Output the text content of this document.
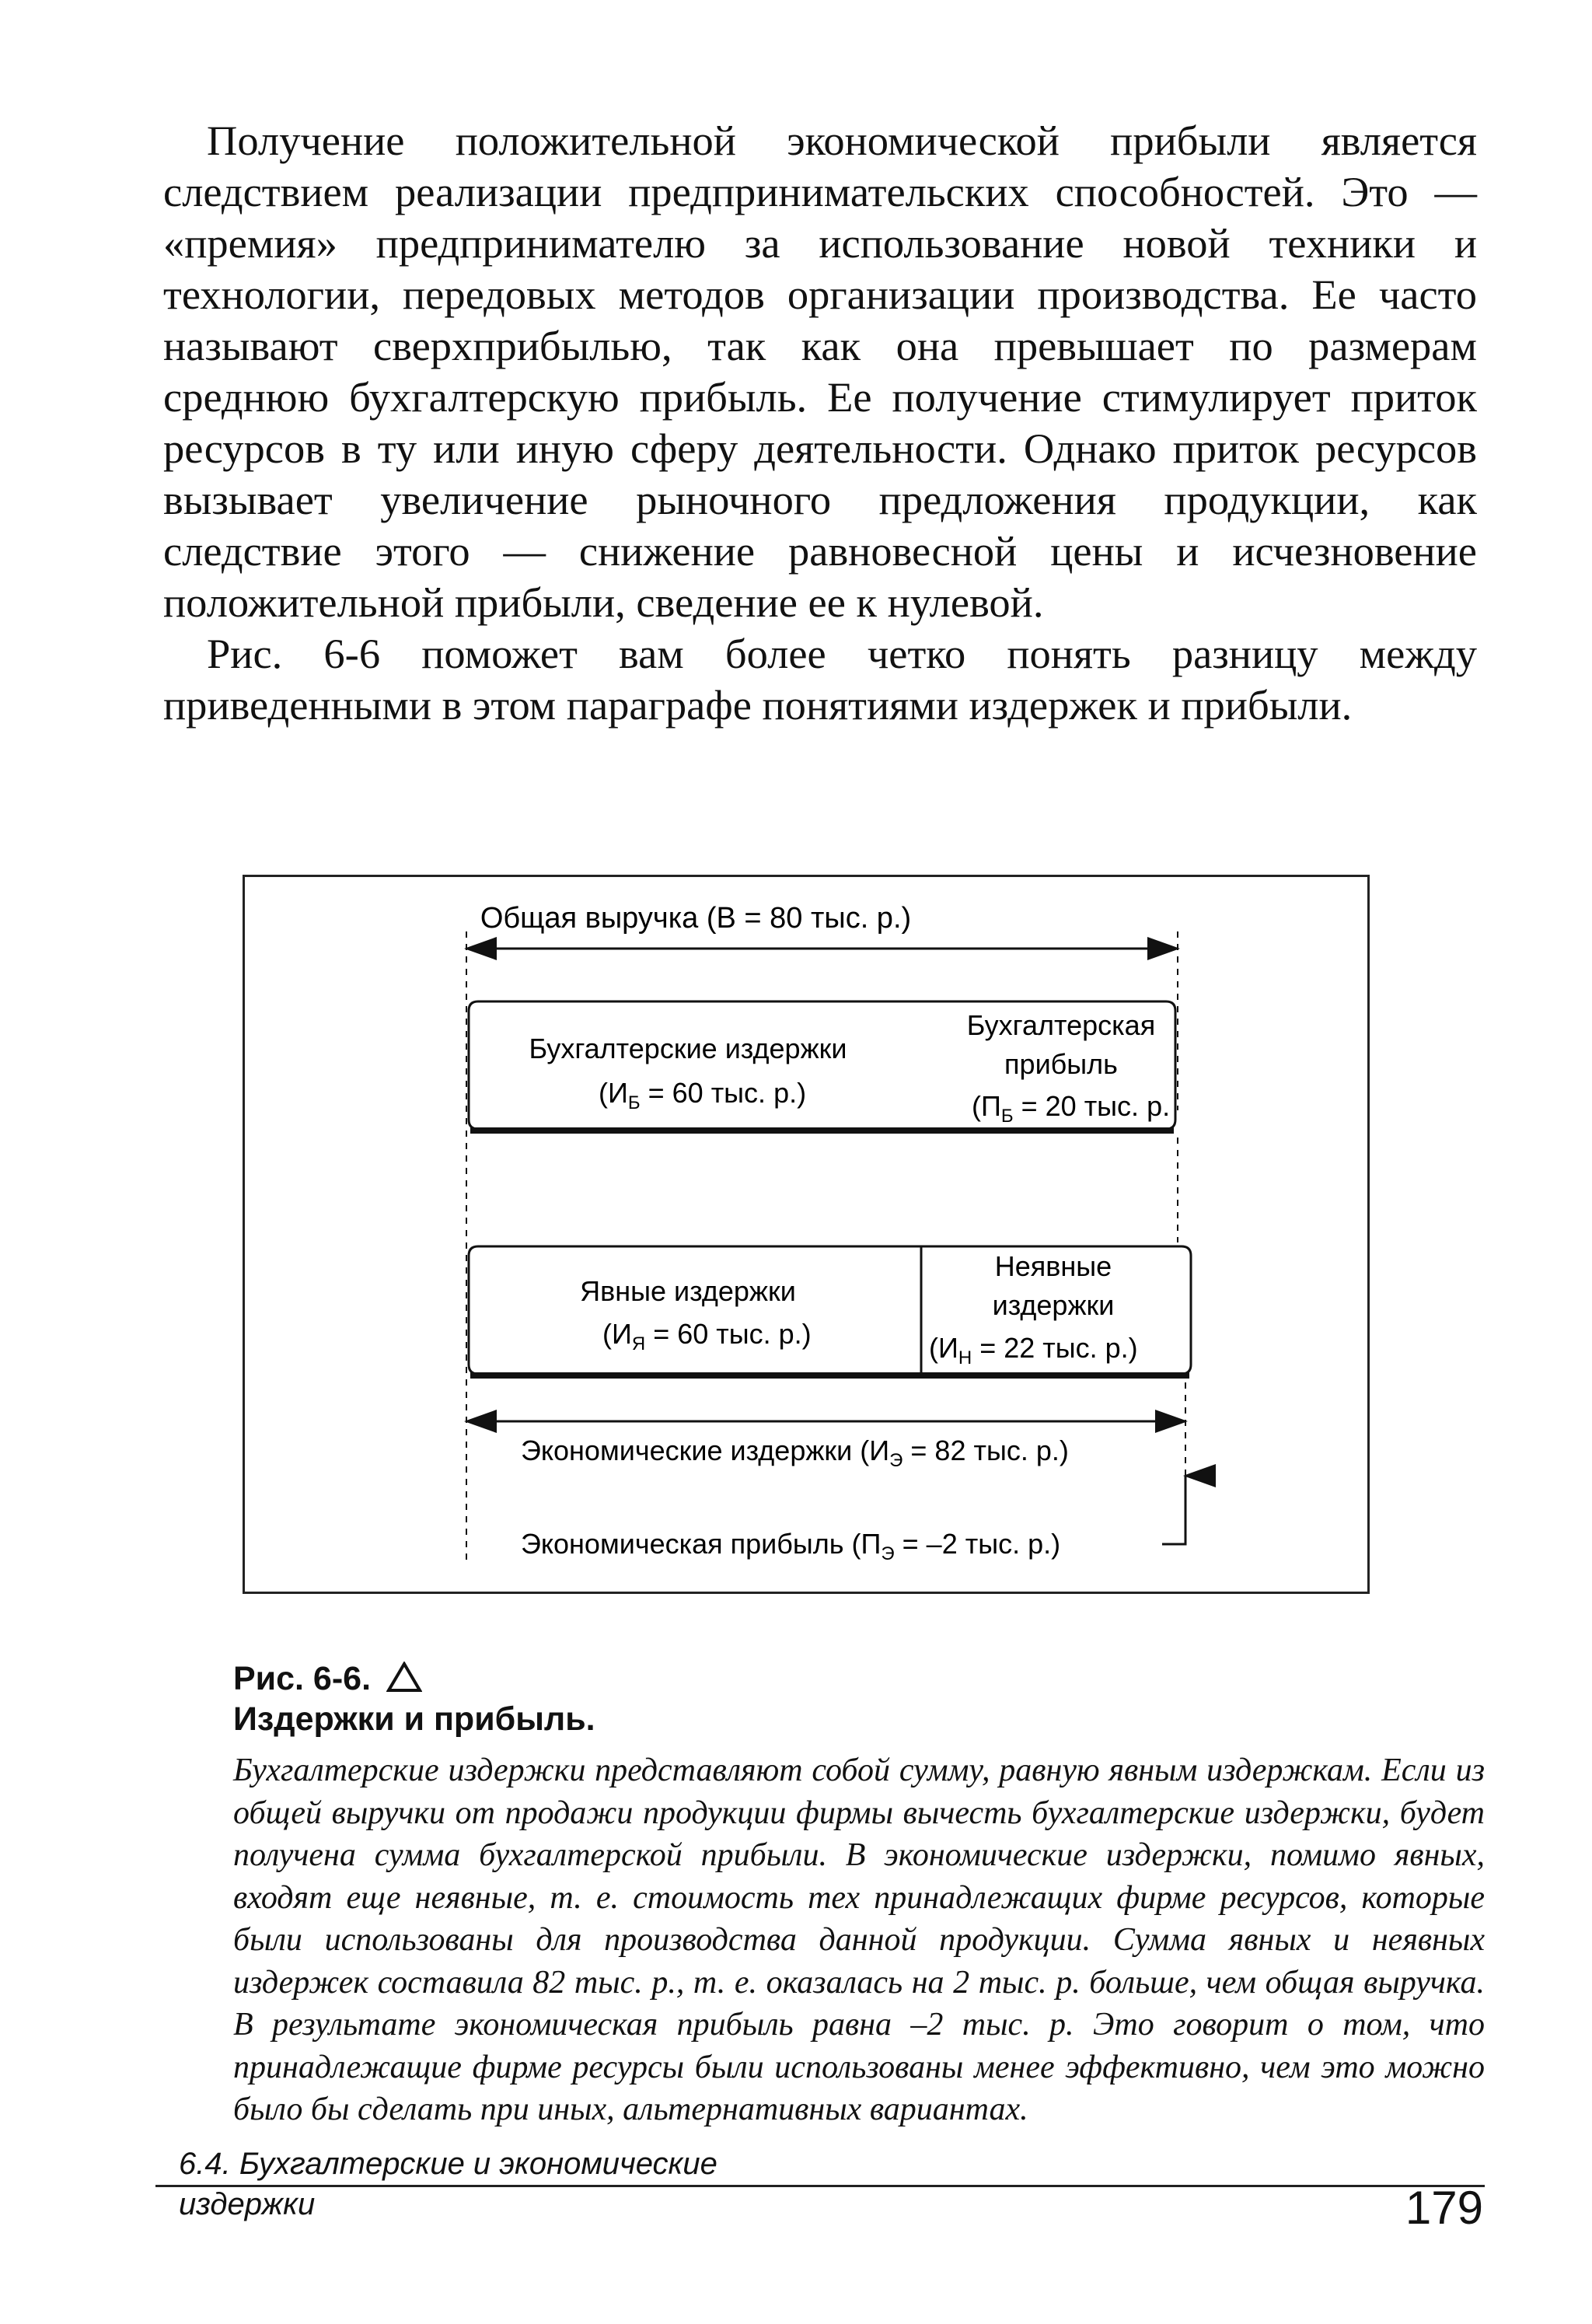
Получение положительной экономической прибыли является следствием реализации предпринимательских способностей. Это — «премия» предпринимателю за использование новой техники и технологии, передовых методов организации производства. Ее часто называют сверхприбылью, так как она превышает по размерам среднюю бухгалтерскую прибыль. Ее получение стимулирует приток ресурсов в ту или иную сферу деятельности. Однако приток ресурсов вызывает увеличение рыночного предложения продукции, как следствие этого — снижение равновесной цены и исчезновение положительной прибыли, сведение ее к нулевой.

Рис. 6-6 поможет вам более четко понять разницу между приведенными в этом параграфе понятиями издержек и прибыли.

Общая выручка (В = 80 тыс. р.)
Бухгалтерские издержки
($И_Б = 60$ тыс. р.)
Бухгалтерская
прибыль
($П_Б = 20$ тыс. р.
Явные издержки
($И_Я = 60$ тыс. р.)
Неявные
издержки
($И_Н = 22$ тыс. р.)
Экономические издержки ($И_Э = 82$ тыс. р.)
Экономическая прибыль ($П_Э = -2$ тыс. р.)
Рис. 6-6.
Издержки и прибыль.
Бухгалтерские издержки представляют собой сумму, равную явным издержкам. Если из общей выручки от продажи продукции фирмы вычесть бухгалтерские издержки, будет получена сумма бухгалтерской прибыли. В экономические издержки, помимо явных, входят еще неявные, т. е. стоимость тех принадлежащих фирме ресурсов, которые были использованы для производства данной продукции. Сумма явных и неявных издержек составила 82 тыс. р., т. е. оказалась на 2 тыс. р. больше, чем общая выручка. В результате экономическая прибыль равна –2 тыс. р. Это говорит о том, что принадлежащие фирме ресурсы были использованы менее эффективно, чем это можно было бы сделать при иных, альтернативных вариантах.
6.4. Бухгалтерские и экономические
издержки	179
